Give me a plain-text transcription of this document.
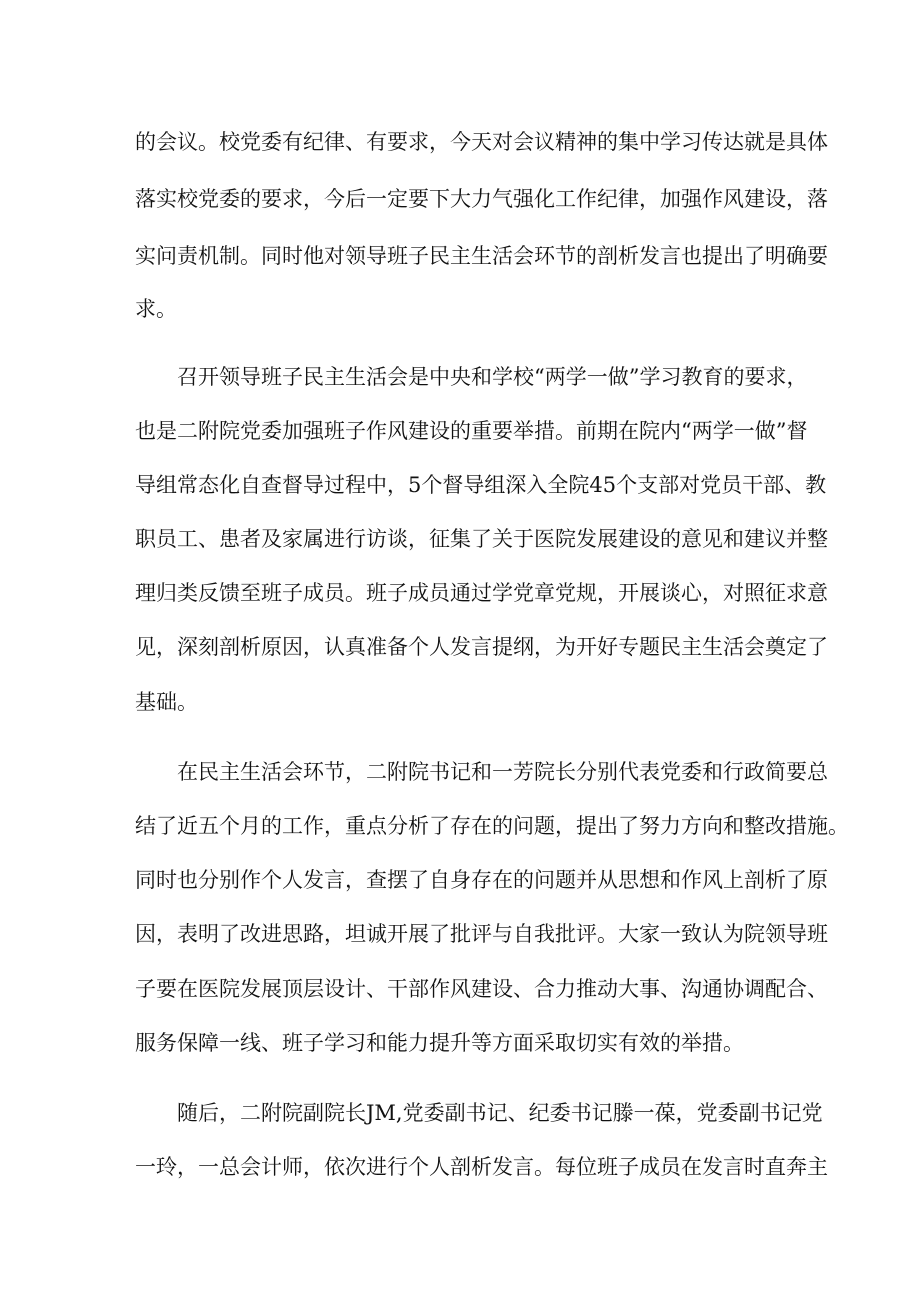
的会议。校党委有纪律、有要求，今天对会议精神的集中学习传达就是具体
落实校党委的要求，今后一定要下大力气强化工作纪律，加强作风建设，落
实问责机制。同时他对领导班子民主生活会环节的剖析发言也提出了明确要
求。
召开领导班子民主生活会是中央和学校“两学一做”学习教育的要求，
也是二附院党委加强班子作风建设的重要举措。前期在院内“两学一做”督
导组常态化自查督导过程中，5个督导组深入全院45个支部对党员干部、教
职员工、患者及家属进行访谈，征集了关于医院发展建设的意见和建议并整
理归类反馈至班子成员。班子成员通过学党章党规，开展谈心，对照征求意
见，深刻剖析原因，认真准备个人发言提纲，为开好专题民主生活会奠定了
基础。
在民主生活会环节，二附院书记和一芳院长分别代表党委和行政简要总
结了近五个月的工作，重点分析了存在的问题，提出了努力方向和整改措施。
同时也分别作个人发言，查摆了自身存在的问题并从思想和作风上剖析了原
因，表明了改进思路，坦诚开展了批评与自我批评。大家一致认为院领导班
子要在医院发展顶层设计、干部作风建设、合力推动大事、沟通协调配合、
服务保障一线、班子学习和能力提升等方面采取切实有效的举措。
随后，二附院副院长JM,党委副书记、纪委书记滕一葆，党委副书记党
一玲，一总会计师，依次进行个人剖析发言。每位班子成员在发言时直奔主
